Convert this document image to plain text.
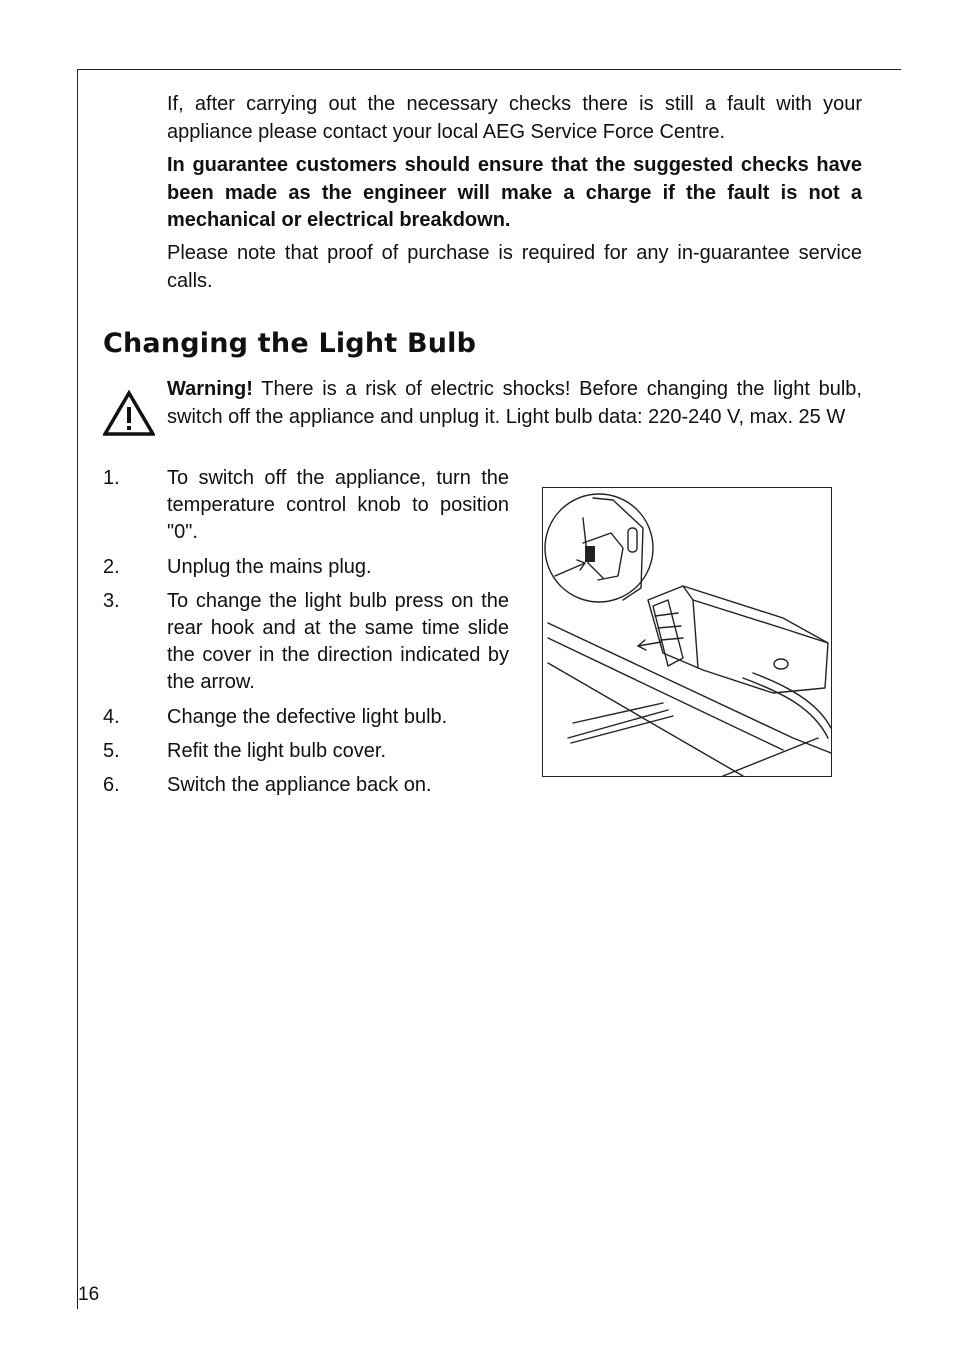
If, after carrying out the necessary checks there is still a fault with your appliance please contact your local AEG Service Force Centre.

In guarantee customers should ensure that the suggested checks have been made as the engineer will make a charge if the fault is not a mechanical or electrical breakdown.

Please note that proof of purchase is required for any in-guarantee service calls.

Changing the Light Bulb

Warning! There is a risk of electric shocks! Before changing the light bulb, switch off the appliance and unplug it. Light bulb data: 220-240 V, max. 25 W

1. To switch off the appliance, turn the temperature control knob to position "0".
2. Unplug the mains plug.
3. To change the light bulb press on the rear hook and at the same time slide the cover in the direction indicated by the arrow.
4. Change the defective light bulb.
5. Refit the light bulb cover.
6. Switch the appliance back on.
16
